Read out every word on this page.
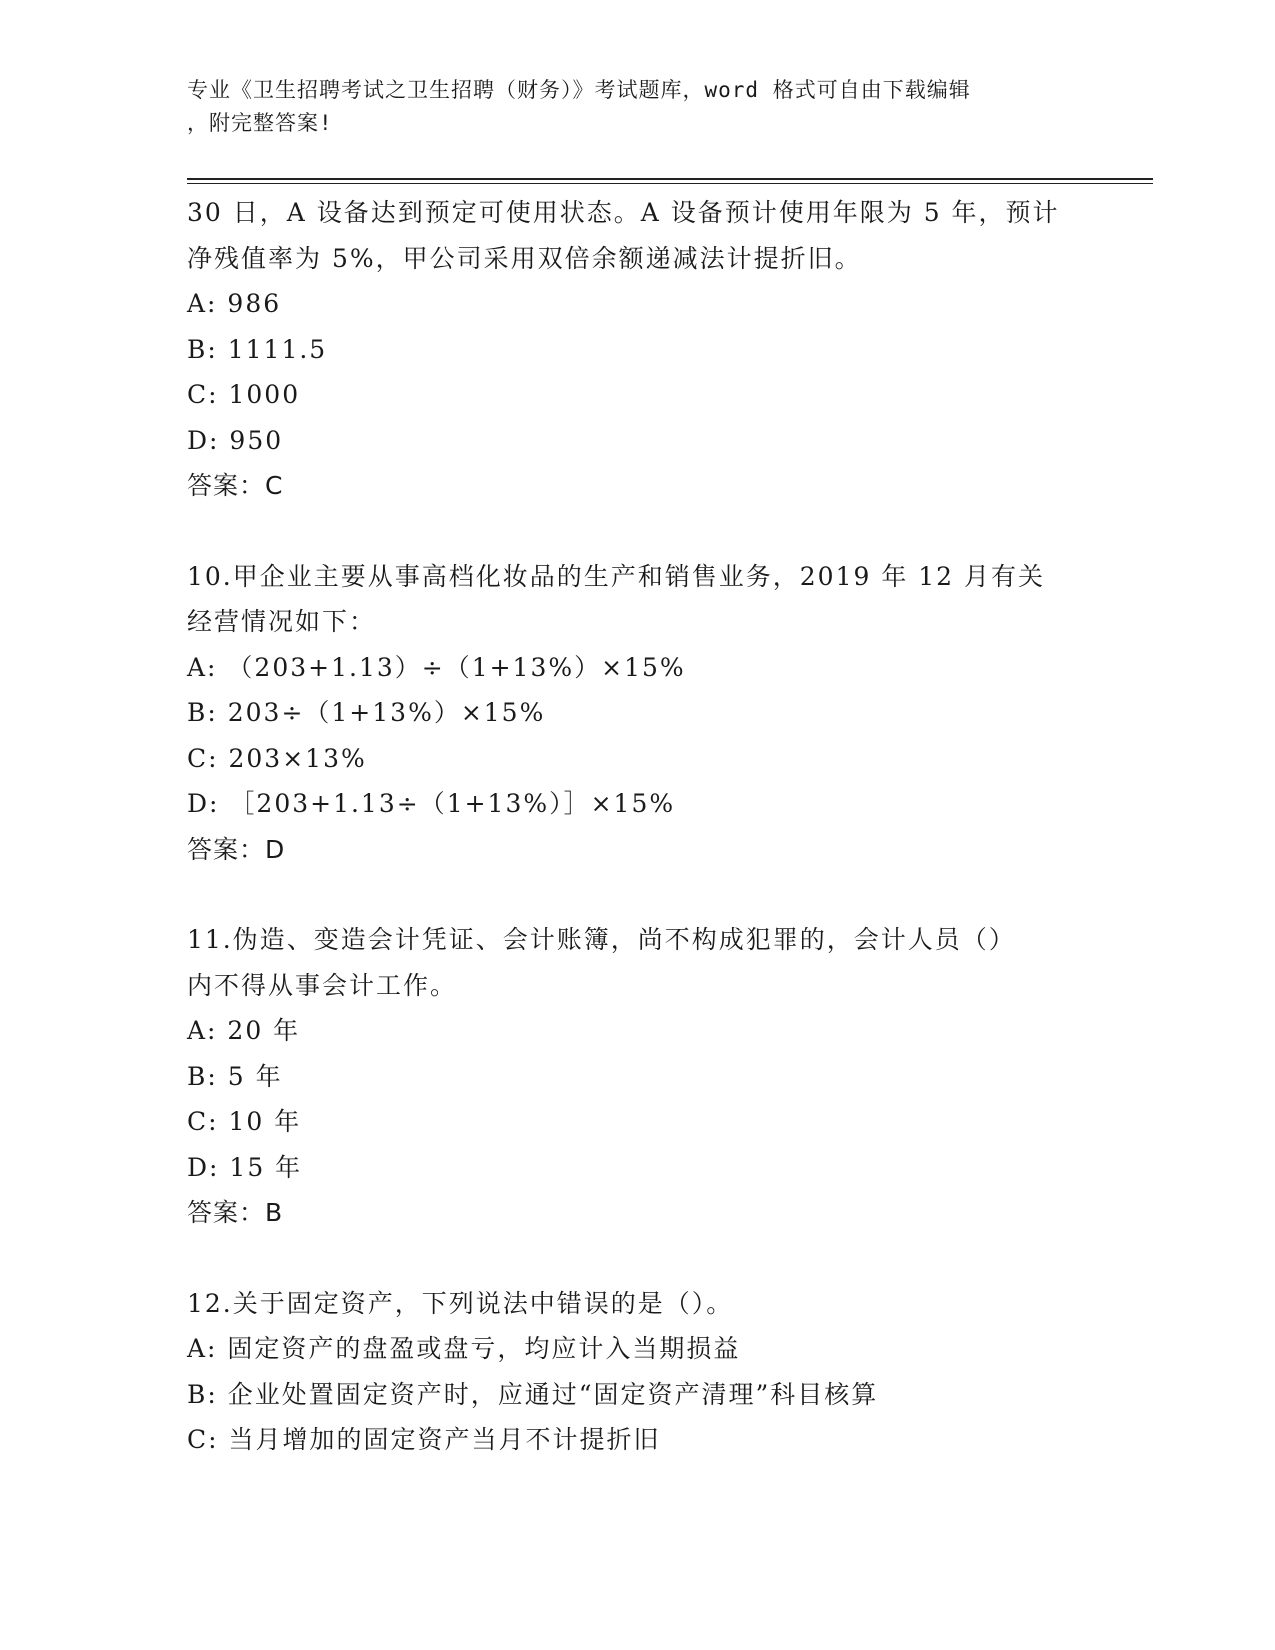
专业《卫生招聘考试之卫生招聘（财务）》考试题库，word 格式可自由下载编辑
，附完整答案!
30 日，A 设备达到预定可使用状态。A 设备预计使用年限为 5 年，预计
净残值率为 5%，甲公司采用双倍余额递减法计提折旧。
A: 986
B: 1111.5
C: 1000
D: 950
答案：C
10.甲企业主要从事高档化妆品的生产和销售业务，2019 年 12 月有关
经营情况如下：
A: （203+1.13）÷（1+13%）×15%
B: 203÷（1+13%）×15%
C: 203×13%
D: ［203+1.13÷（1+13%）］×15%
答案：D
11.伪造、变造会计凭证、会计账簿，尚不构成犯罪的，会计人员（）
内不得从事会计工作。
A: 20 年
B: 5 年
C: 10 年
D: 15 年
答案：B
12.关于固定资产，下列说法中错误的是（）。
A: 固定资产的盘盈或盘亏，均应计入当期损益
B: 企业处置固定资产时，应通过“固定资产清理”科目核算
C: 当月增加的固定资产当月不计提折旧
